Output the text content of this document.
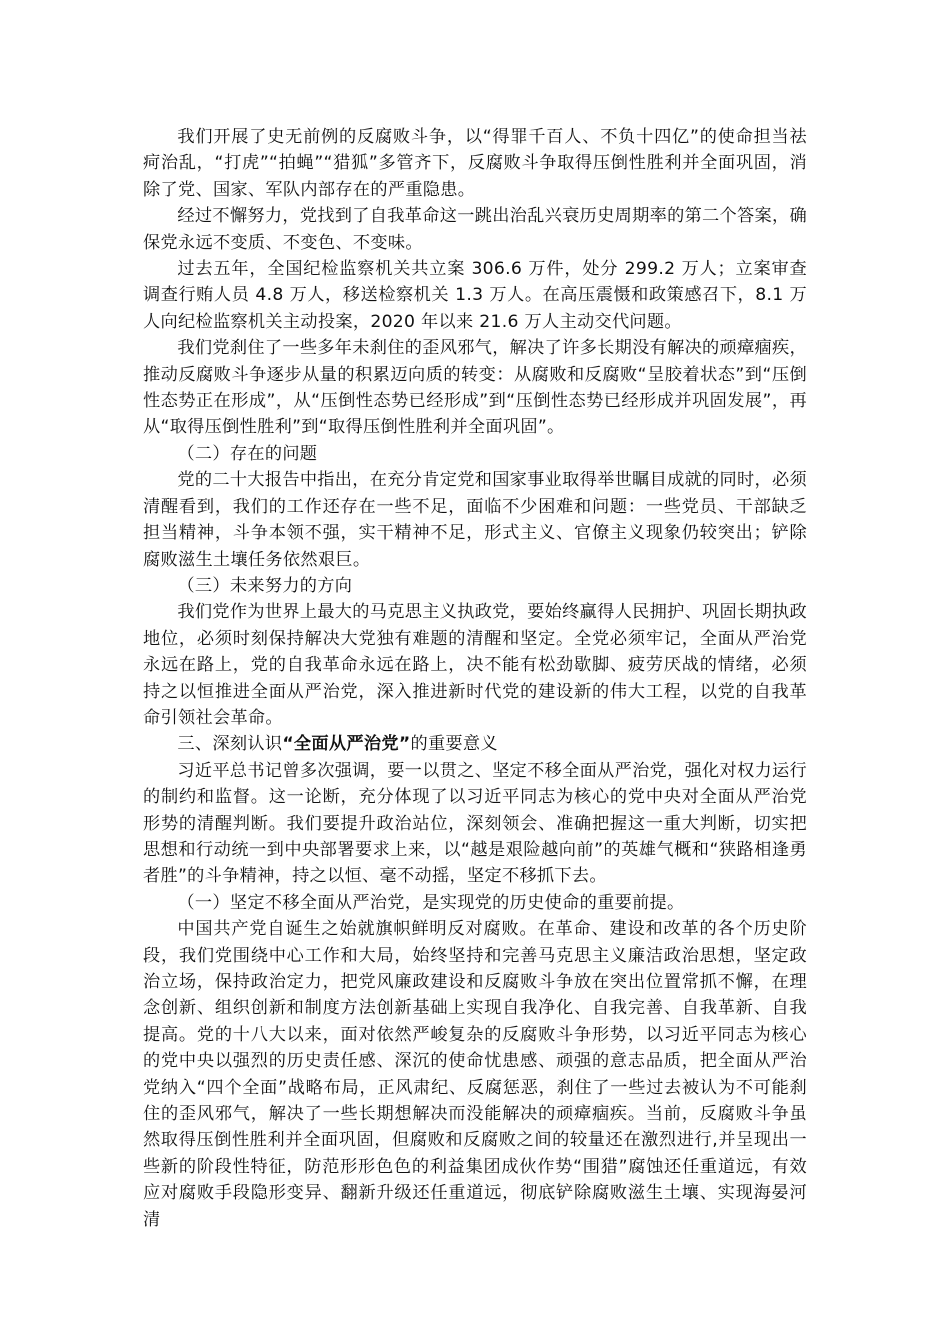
我们开展了史无前例的反腐败斗争，以“得罪千百人、不负十四亿”的使命担当祛疴治乱，“打虎”“拍蝇”“猎狐”多管齐下，反腐败斗争取得压倒性胜利并全面巩固，消除了党、国家、军队内部存在的严重隐患。

经过不懈努力，党找到了自我革命这一跳出治乱兴衰历史周期率的第二个答案，确保党永远不变质、不变色、不变味。

过去五年，全国纪检监察机关共立案 306.6 万件，处分 299.2 万人；立案审查调查行贿人员 4.8 万人，移送检察机关 1.3 万人。在高压震慑和政策感召下，8.1 万人向纪检监察机关主动投案，2020 年以来 21.6 万人主动交代问题。

我们党刹住了一些多年未刹住的歪风邪气，解决了许多长期没有解决的顽瘴痼疾，推动反腐败斗争逐步从量的积累迈向质的转变：从腐败和反腐败“呈胶着状态”到“压倒性态势正在形成”，从“压倒性态势已经形成”到“压倒性态势已经形成并巩固发展”，再从“取得压倒性胜利”到“取得压倒性胜利并全面巩固”。

（二）存在的问题

党的二十大报告中指出，在充分肯定党和国家事业取得举世瞩目成就的同时，必须清醒看到，我们的工作还存在一些不足，面临不少困难和问题：一些党员、干部缺乏担当精神，斗争本领不强，实干精神不足，形式主义、官僚主义现象仍较突出；铲除腐败滋生土壤任务依然艰巨。

（三）未来努力的方向

我们党作为世界上最大的马克思主义执政党，要始终赢得人民拥护、巩固长期执政地位，必须时刻保持解决大党独有难题的清醒和坚定。全党必须牢记，全面从严治党永远在路上，党的自我革命永远在路上，决不能有松劲歇脚、疲劳厌战的情绪，必须持之以恒推进全面从严治党，深入推进新时代党的建设新的伟大工程，以党的自我革命引领社会革命。

三、深刻认识“全面从严治党”的重要意义

习近平总书记曾多次强调，要一以贯之、坚定不移全面从严治党，强化对权力运行的制约和监督。这一论断，充分体现了以习近平同志为核心的党中央对全面从严治党形势的清醒判断。我们要提升政治站位，深刻领会、准确把握这一重大判断，切实把思想和行动统一到中央部署要求上来，以“越是艰险越向前”的英雄气概和“狭路相逢勇者胜”的斗争精神，持之以恒、毫不动摇，坚定不移抓下去。

（一）坚定不移全面从严治党，是实现党的历史使命的重要前提。

中国共产党自诞生之始就旗帜鲜明反对腐败。在革命、建设和改革的各个历史阶段，我们党围绕中心工作和大局，始终坚持和完善马克思主义廉洁政治思想，坚定政治立场，保持政治定力，把党风廉政建设和反腐败斗争放在突出位置常抓不懈，在理念创新、组织创新和制度方法创新基础上实现自我净化、自我完善、自我革新、自我提高。党的十八大以来，面对依然严峻复杂的反腐败斗争形势，以习近平同志为核心的党中央以强烈的历史责任感、深沉的使命忧患感、顽强的意志品质，把全面从严治党纳入“四个全面”战略布局，正风肃纪、反腐惩恶，刹住了一些过去被认为不可能刹住的歪风邪气，解决了一些长期想解决而没能解决的顽瘴痼疾。当前，反腐败斗争虽然取得压倒性胜利并全面巩固，但腐败和反腐败之间的较量还在激烈进行,并呈现出一些新的阶段性特征，防范形形色色的利益集团成伙作势“围猎”腐蚀还任重道远，有效应对腐败手段隐形变异、翻新升级还任重道远，彻底铲除腐败滋生土壤、实现海晏河清
